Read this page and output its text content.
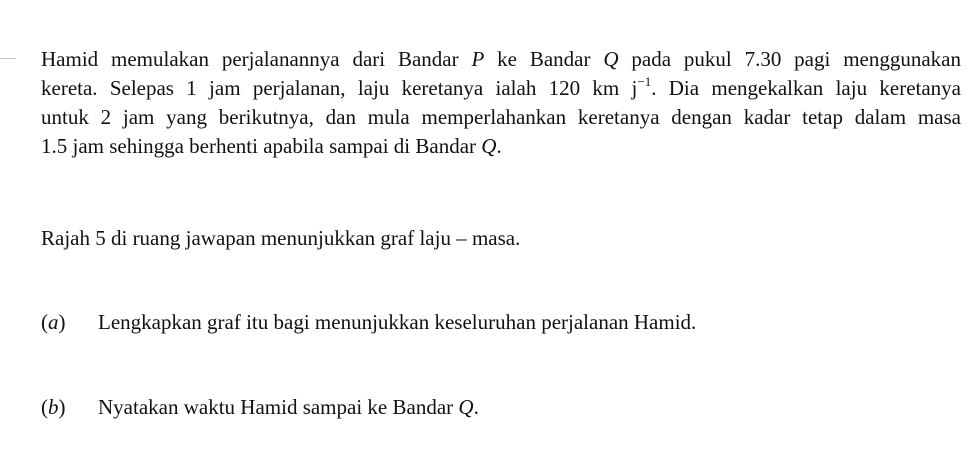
Hamid memulakan perjalanannya dari Bandar P ke Bandar Q pada pukul 7.30 pagi menggunakan
kereta. Selepas 1 jam perjalanan, laju keretanya ialah 120 km $j^{-1}$. Dia mengekalkan laju keretanya
untuk 2 jam yang berikutnya, dan mula memperlahankan keretanya dengan kadar tetap dalam masa
1.5 jam sehingga berhenti apabila sampai di Bandar Q.

Rajah 5 di ruang jawapan menunjukkan graf laju – masa.

(a) Lengkapkan graf itu bagi menunjukkan keseluruhan perjalanan Hamid.

(b) Nyatakan waktu Hamid sampai ke Bandar Q.
